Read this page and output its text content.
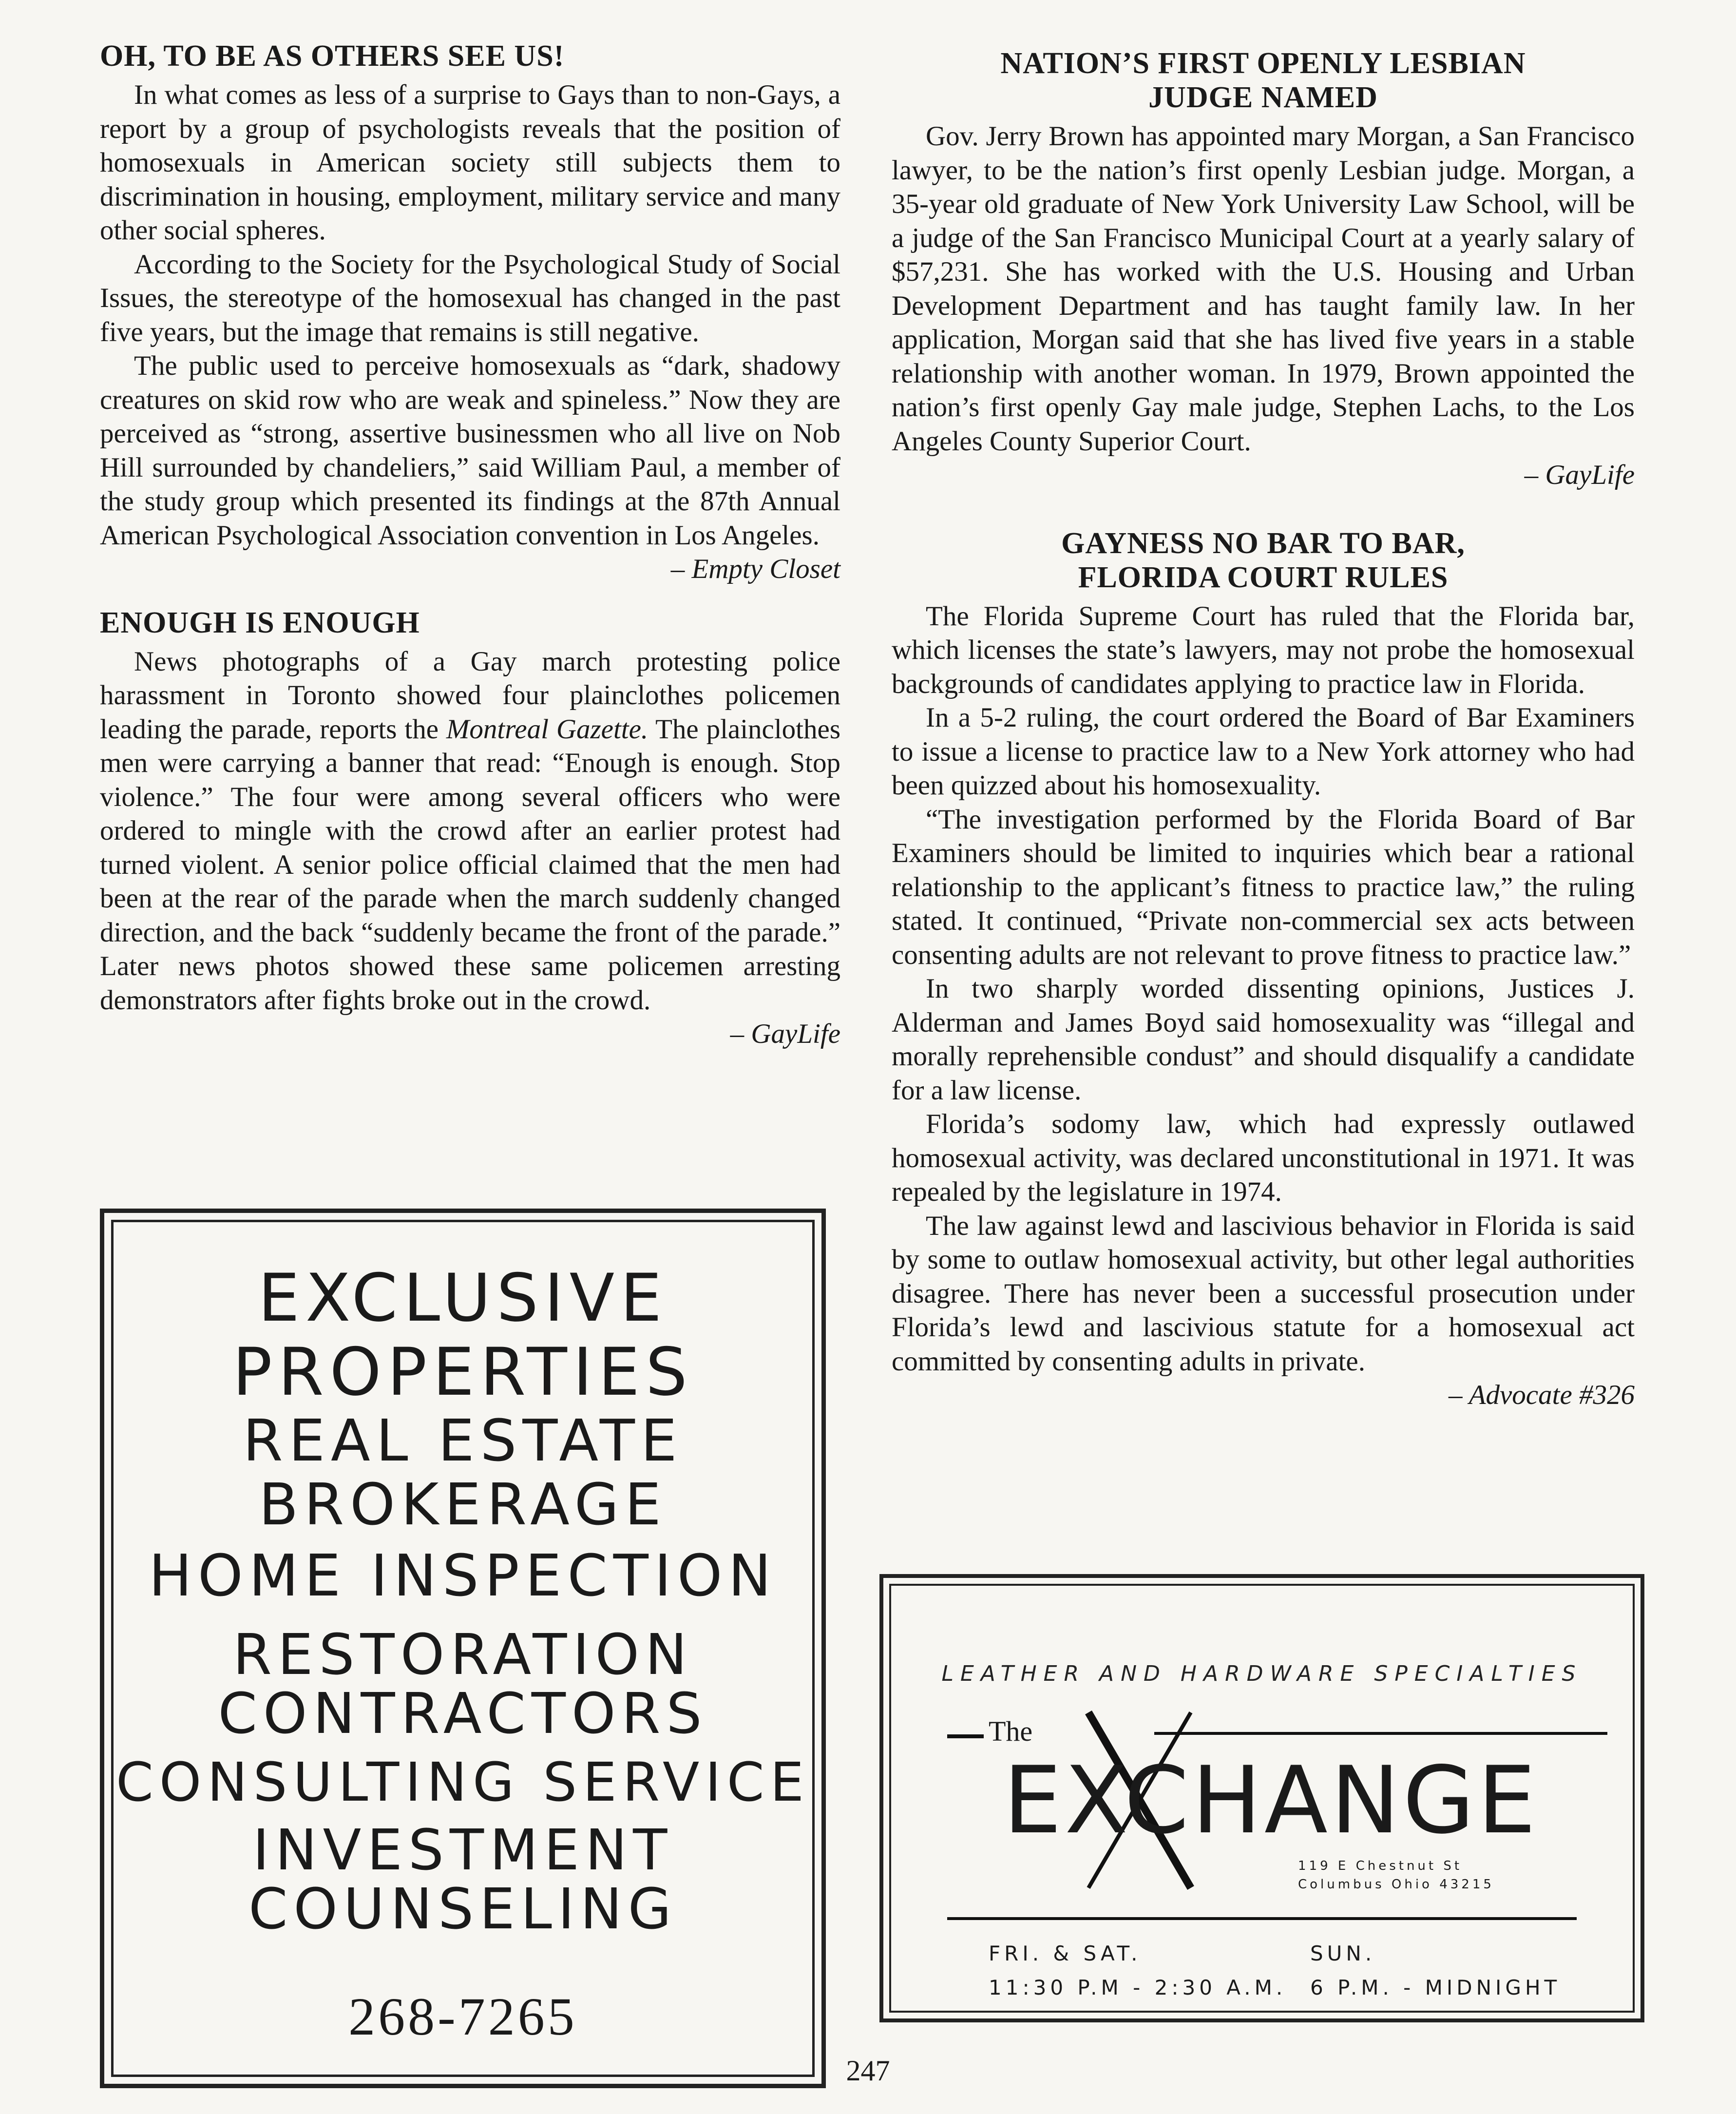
OH, TO BE AS OTHERS SEE US!

In what comes as less of a surprise to Gays than to non-Gays, a report by a group of psychologists reveals that the position of homosexuals in American society still subjects them to discrimination in housing, employment, military service and many other social spheres.

According to the Society for the Psychological Study of Social Issues, the stereotype of the homosexual has changed in the past five years, but the image that remains is still negative.

The public used to perceive homosexuals as “dark, shadowy creatures on skid row who are weak and spineless.” Now they are perceived as “strong, assertive businessmen who all live on Nob Hill surrounded by chandeliers,” said William Paul, a member of the study group which presented its findings at the 87th Annual American Psychological Association convention in Los Angeles.

– Empty Closet

ENOUGH IS ENOUGH

News photographs of a Gay march protesting police harassment in Toronto showed four plainclothes policemen leading the parade, reports the Montreal Gazette. The plainclothes men were carrying a banner that read: “Enough is enough. Stop violence.” The four were among several officers who were ordered to mingle with the crowd after an earlier protest had turned violent. A senior police official claimed that the men had been at the rear of the parade when the march suddenly changed direction, and the back “suddenly became the front of the parade.” Later news photos showed these same policemen arresting demonstrators after fights broke out in the crowd.

– GayLife

NATION’S FIRST OPENLY LESBIAN
JUDGE NAMED

Gov. Jerry Brown has appointed mary Morgan, a San Francisco lawyer, to be the nation’s first openly Lesbian judge. Morgan, a 35-year old graduate of New York University Law School, will be a judge of the San Francisco Municipal Court at a yearly salary of $57,231. She has worked with the U.S. Housing and Urban Development Department and has taught family law. In her application, Morgan said that she has lived five years in a stable relationship with another woman. In 1979, Brown appointed the nation’s first openly Gay male judge, Stephen Lachs, to the Los Angeles County Superior Court.

– GayLife

GAYNESS NO BAR TO BAR,
FLORIDA COURT RULES

The Florida Supreme Court has ruled that the Florida bar, which licenses the state’s lawyers, may not probe the homosexual backgrounds of candidates applying to practice law in Florida.

In a 5-2 ruling, the court ordered the Board of Bar Examiners to issue a license to practice law to a New York attorney who had been quizzed about his homosexuality.

“The investigation performed by the Florida Board of Bar Examiners should be limited to inquiries which bear a rational relationship to the applicant’s fitness to practice law,” the ruling stated. It continued, “Private non-commercial sex acts between consenting adults are not relevant to prove fitness to practice law.”

In two sharply worded dissenting opinions, Justices J. Alderman and James Boyd said homosexuality was “illegal and morally reprehensible condust” and should disqualify a candidate for a law license.

Florida’s sodomy law, which had expressly outlawed homosexual activity, was declared unconstitutional in 1971. It was repealed by the legislature in 1974.

The law against lewd and lascivious behavior in Florida is said by some to outlaw homosexual activity, but other legal authorities disagree. There has never been a successful prosecution under Florida’s lewd and lascivious statute for a homosexual act committed by consenting adults in private.

– Advocate #326

EXCLUSIVE
PROPERTIES
REAL ESTATE
BROKERAGE
HOME INSPECTION
RESTORATION
CONTRACTORS
CONSULTING SERVICE
INVESTMENT
COUNSELING
268-7265
LEATHER AND HARDWARE SPECIALTIES
The
EXCHANGE
119 E Chestnut St
Columbus Ohio 43215
FRI. & SAT.	SUN.
11:30 P.M - 2:30 A.M. 6 P.M. - MIDNIGHT
247
